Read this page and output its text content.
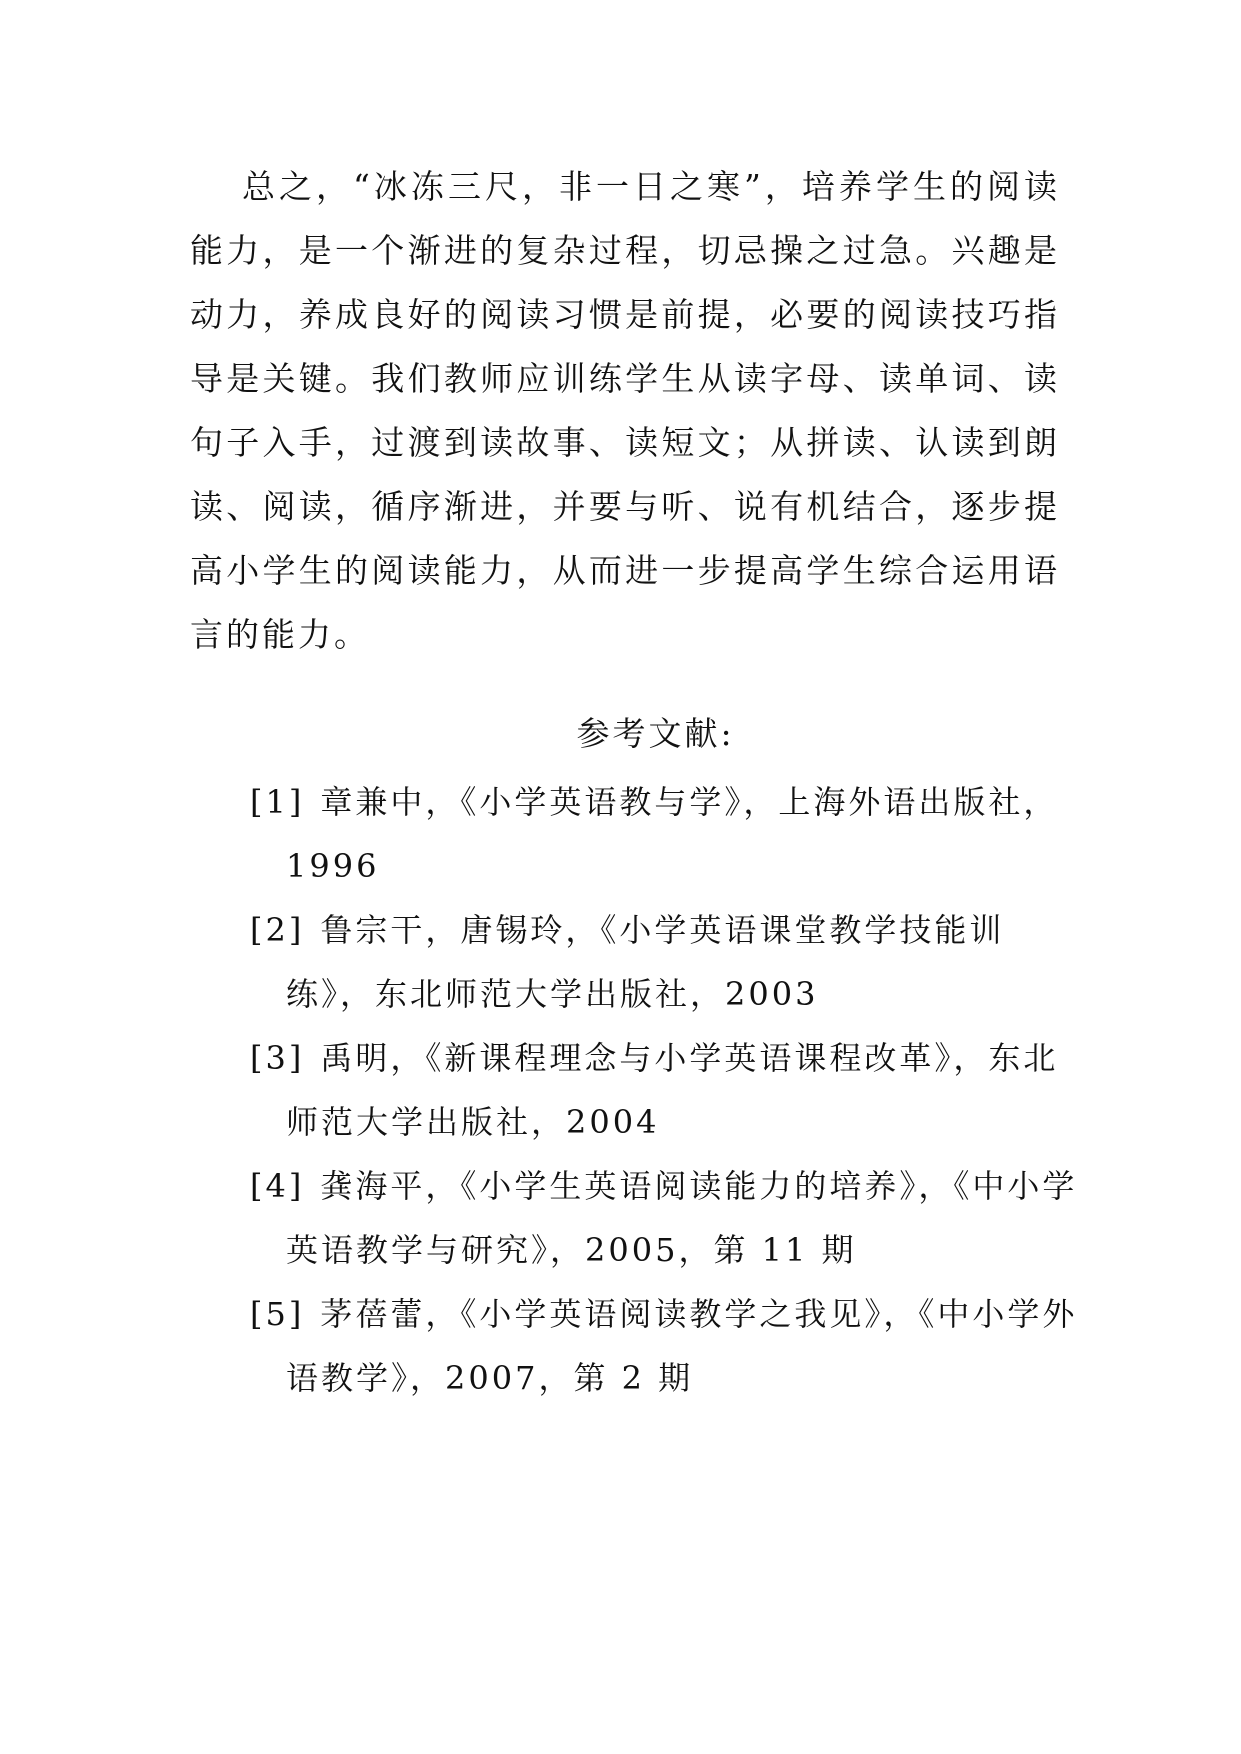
总之，“冰冻三尺，非一日之寒”，培养学生的阅读能力，是一个渐进的复杂过程，切忌操之过急。兴趣是动力，养成良好的阅读习惯是前提，必要的阅读技巧指导是关键。我们教师应训练学生从读字母、读单词、读句子入手，过渡到读故事、读短文；从拼读、认读到朗读、阅读，循序渐进，并要与听、说有机结合，逐步提高小学生的阅读能力，从而进一步提高学生综合运用语言的能力。

参考文献:
[1] 章兼中，《小学英语教与学》，上海外语出版社，1996
[2] 鲁宗干，唐锡玲，《小学英语课堂教学技能训练》，东北师范大学出版社，2003
[3] 禹明，《新课程理念与小学英语课程改革》，东北师范大学出版社，2004
[4] 龚海平，《小学生英语阅读能力的培养》，《中小学英语教学与研究》，2005，第 11 期
[5] 茅蓓蕾，《小学英语阅读教学之我见》，《中小学外语教学》，2007，第 2 期
